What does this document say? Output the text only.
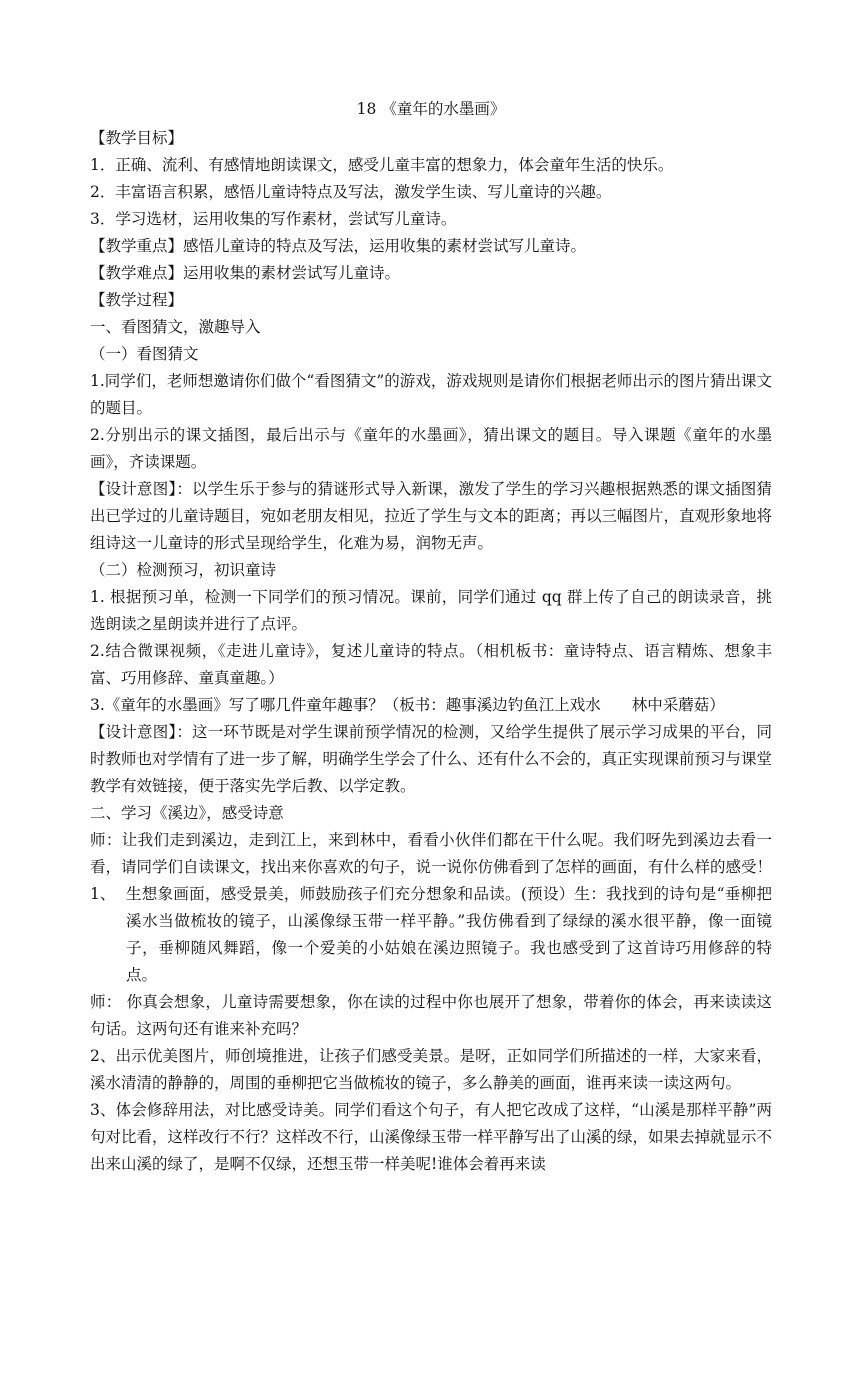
18 《童年的水墨画》

【教学目标】

1．正确、流利、有感情地朗读课文，感受儿童丰富的想象力，体会童年生活的快乐。

2．丰富语言积累，感悟儿童诗特点及写法，激发学生读、写儿童诗的兴趣。

3．学习选材，运用收集的写作素材，尝试写儿童诗。

【教学重点】感悟儿童诗的特点及写法，运用收集的素材尝试写儿童诗。

【教学难点】运用收集的素材尝试写儿童诗。

【教学过程】

一、看图猜文，激趣导入

（一）看图猜文

1.同学们，老师想邀请你们做个“看图猜文”的游戏，游戏规则是请你们根据老师出示的图片猜出课文的题目。

2.分别出示的课文插图，最后出示与《童年的水墨画》，猜出课文的题目。导入课题《童年的水墨画》，齐读课题。

【设计意图】：以学生乐于参与的猜谜形式导入新课，激发了学生的学习兴趣根据熟悉的课文插图猜出已学过的儿童诗题目，宛如老朋友相见，拉近了学生与文本的距离；再以三幅图片，直观形象地将组诗这一儿童诗的形式呈现给学生，化难为易，润物无声。

（二）检测预习，初识童诗

1. 根据预习单，检测一下同学们的预习情况。课前，同学们通过 qq 群上传了自己的朗读录音，挑选朗读之星朗读并进行了点评。

2.结合微课视频，《走进儿童诗》，复述儿童诗的特点。（相机板书：童诗特点、语言精炼、想象丰富、巧用修辞、童真童趣。）

3.《童年的水墨画》写了哪几件童年趣事？（板书：趣事溪边钓鱼江上戏水　　林中采蘑菇）

【设计意图】：这一环节既是对学生课前预学情况的检测，又给学生提供了展示学习成果的平台，同时教师也对学情有了进一步了解，明确学生学会了什么、还有什么不会的，真正实现课前预习与课堂教学有效链接，便于落实先学后教、以学定教。

二、学习《溪边》，感受诗意

师：让我们走到溪边，走到江上，来到林中，看看小伙伴们都在干什么呢。我们呀先到溪边去看一看，请同学们自读课文，找出来你喜欢的句子，说一说你仿佛看到了怎样的画面，有什么样的感受！

1、 生想象画面，感受景美，师鼓励孩子们充分想象和品读。(预设）生：我找到的诗句是“垂柳把溪水当做梳妆的镜子，山溪像绿玉带一样平静。”我仿佛看到了绿绿的溪水很平静，像一面镜子，垂柳随风舞蹈，像一个爱美的小姑娘在溪边照镜子。我也感受到了这首诗巧用修辞的特点。

师： 你真会想象，儿童诗需要想象，你在读的过程中你也展开了想象，带着你的体会，再来读读这句话。这两句还有谁来补充吗？

2、出示优美图片，师创境推进，让孩子们感受美景。是呀，正如同学们所描述的一样，大家来看，溪水清清的静静的，周围的垂柳把它当做梳妆的镜子，多么静美的画面，谁再来读一读这两句。

3、体会修辞用法，对比感受诗美。同学们看这个句子，有人把它改成了这样，“山溪是那样平静”两句对比看，这样改行不行？这样改不行，山溪像绿玉带一样平静写出了山溪的绿，如果去掉就显示不出来山溪的绿了，是啊不仅绿，还想玉带一样美呢!谁体会着再来读
